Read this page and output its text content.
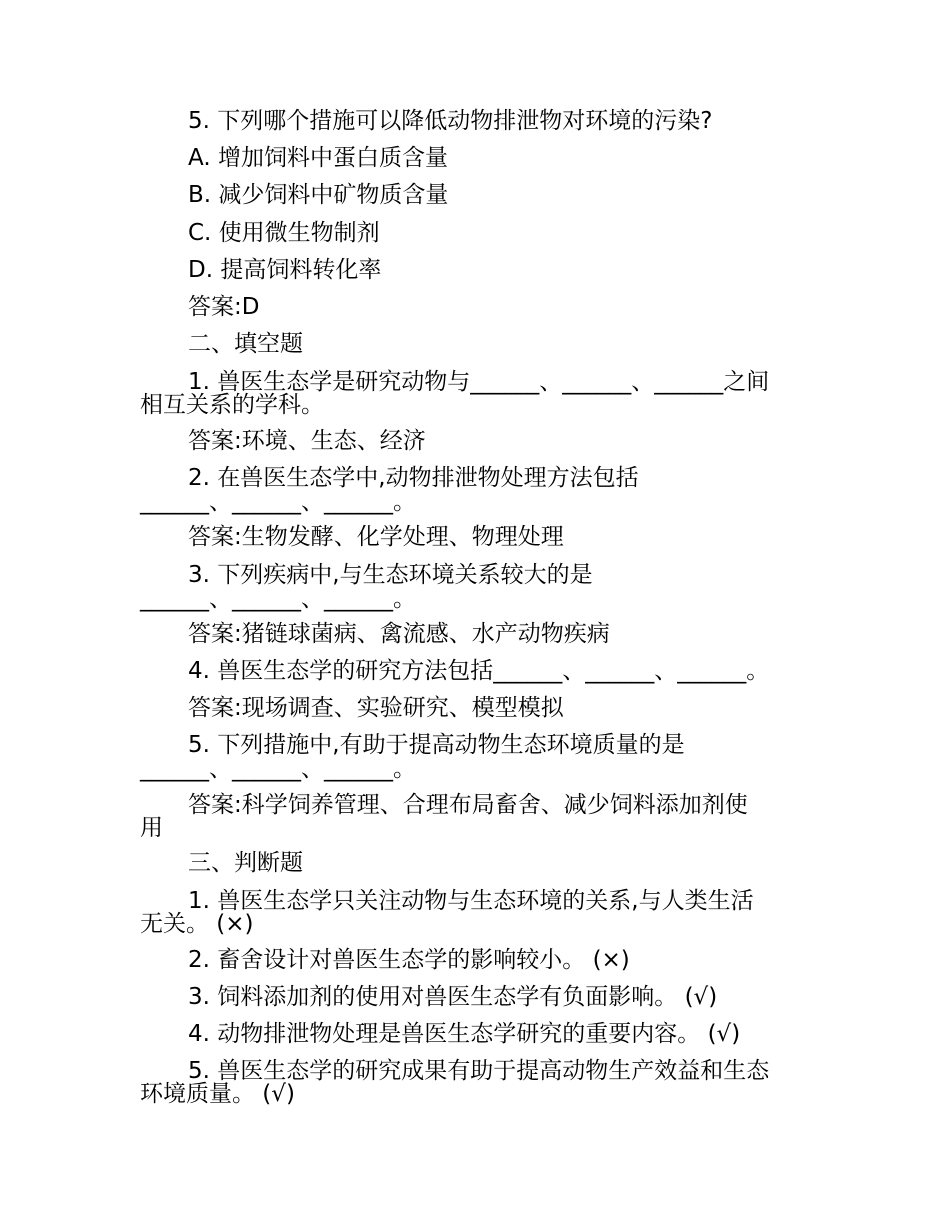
5. 下列哪个措施可以降低动物排泄物对环境的污染?
A. 增加饲料中蛋白质含量
B. 减少饲料中矿物质含量
C. 使用微生物制剂
D. 提高饲料转化率
答案:D
二、填空题
1. 兽医生态学是研究动物与______、______、______之间
相互关系的学科。
答案:环境、生态、经济
2. 在兽医生态学中,动物排泄物处理方法包括
______、______、______。
答案:生物发酵、化学处理、物理处理
3. 下列疾病中,与生态环境关系较大的是
______、______、______。
答案:猪链球菌病、禽流感、水产动物疾病
4. 兽医生态学的研究方法包括______、______、______。
答案:现场调查、实验研究、模型模拟
5. 下列措施中,有助于提高动物生态环境质量的是
______、______、______。
答案:科学饲养管理、合理布局畜舍、减少饲料添加剂使
用
三、判断题
1. 兽医生态学只关注动物与生态环境的关系,与人类生活
无关。 (×)
2. 畜舍设计对兽医生态学的影响较小。 (×)
3. 饲料添加剂的使用对兽医生态学有负面影响。 (√)
4. 动物排泄物处理是兽医生态学研究的重要内容。 (√)
5. 兽医生态学的研究成果有助于提高动物生产效益和生态
环境质量。 (√)
